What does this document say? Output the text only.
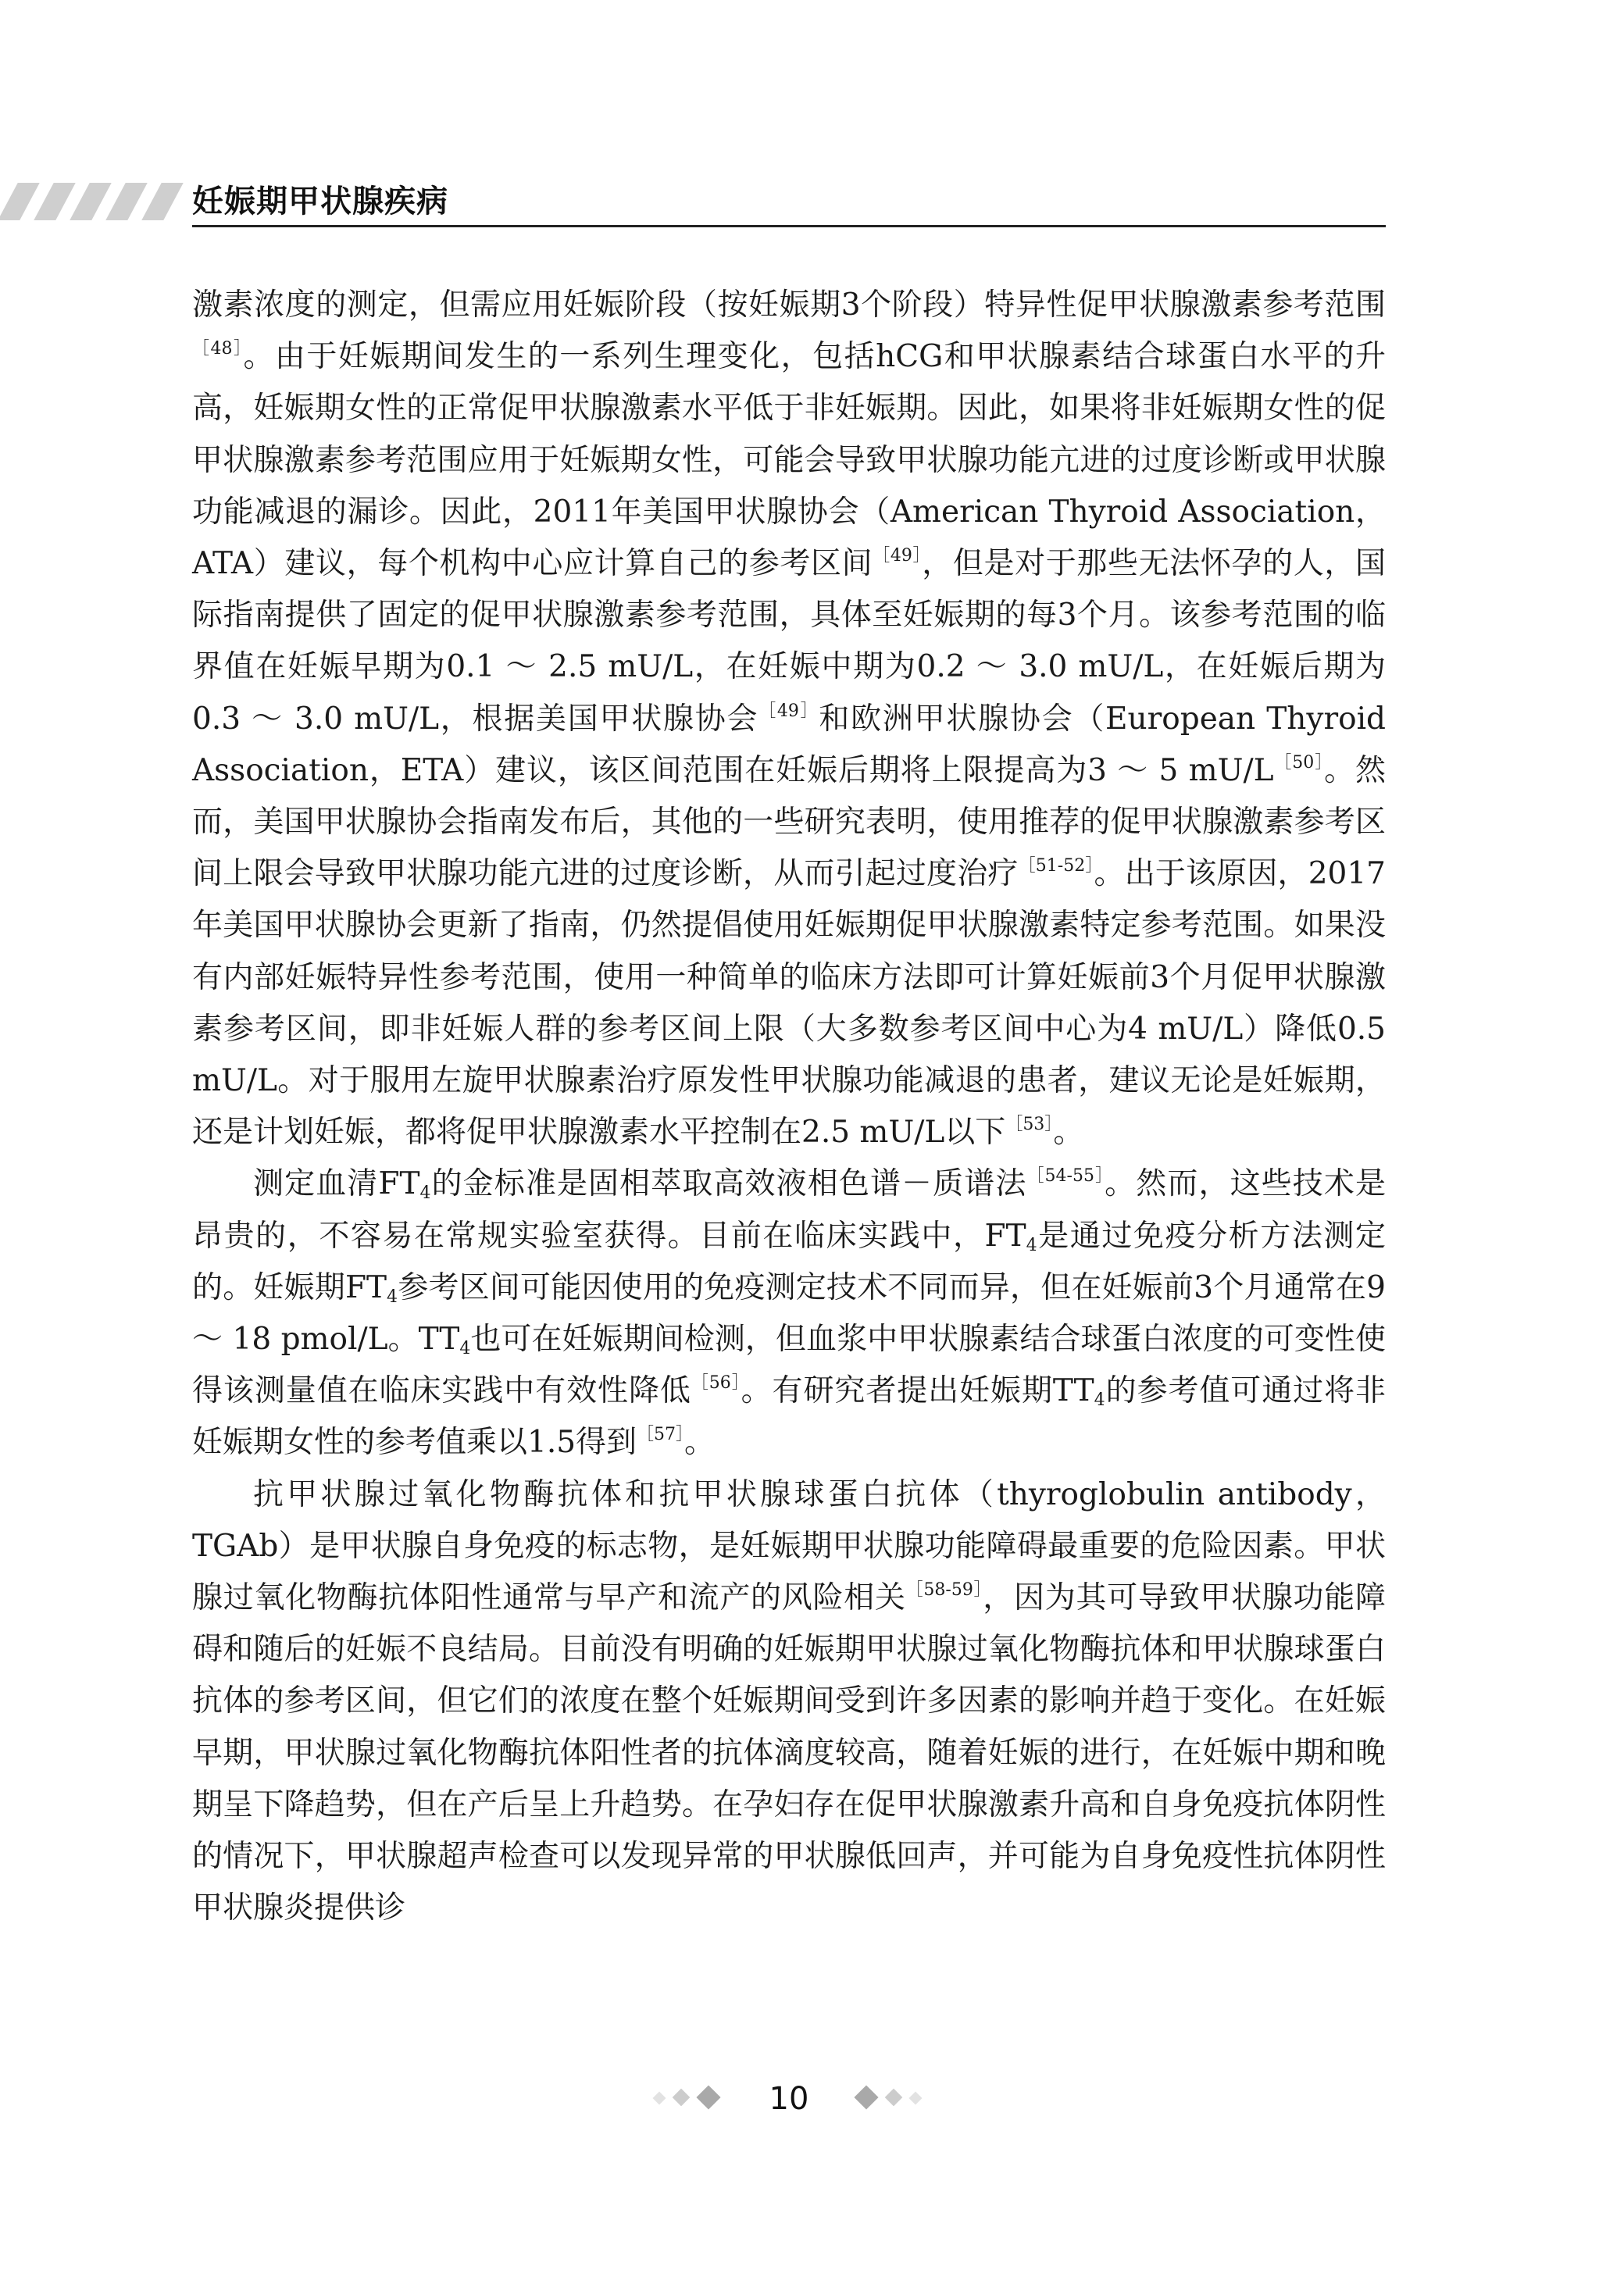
妊娠期甲状腺疾病

激素浓度的测定，但需应用妊娠阶段（按妊娠期3个阶段）特异性促甲状腺激素参考范围$^{[48]}$。由于妊娠期间发生的一系列生理变化，包括hCG和甲状腺素结合球蛋白水平的升高，妊娠期女性的正常促甲状腺激素水平低于非妊娠期。因此，如果将非妊娠期女性的促甲状腺激素参考范围应用于妊娠期女性，可能会导致甲状腺功能亢进的过度诊断或甲状腺功能减退的漏诊。因此，2011年美国甲状腺协会（American Thyroid Association，ATA）建议，每个机构中心应计算自己的参考区间$^{[49]}$，但是对于那些无法怀孕的人，国际指南提供了固定的促甲状腺激素参考范围，具体至妊娠期的每3个月。该参考范围的临界值在妊娠早期为0.1 ～ 2.5 mU/L，在妊娠中期为0.2 ～ 3.0 mU/L，在妊娠后期为0.3 ～ 3.0 mU/L，根据美国甲状腺协会$^{[49]}$和欧洲甲状腺协会（European Thyroid Association，ETA）建议，该区间范围在妊娠后期将上限提高为3 ～ 5 mU/L$^{[50]}$。然而，美国甲状腺协会指南发布后，其他的一些研究表明，使用推荐的促甲状腺激素参考区间上限会导致甲状腺功能亢进的过度诊断，从而引起过度治疗$^{[51-52]}$。出于该原因，2017年美国甲状腺协会更新了指南，仍然提倡使用妊娠期促甲状腺激素特定参考范围。如果没有内部妊娠特异性参考范围，使用一种简单的临床方法即可计算妊娠前3个月促甲状腺激素参考区间，即非妊娠人群的参考区间上限（大多数参考区间中心为4 mU/L）降低0.5 mU/L。对于服用左旋甲状腺素治疗原发性甲状腺功能减退的患者，建议无论是妊娠期，还是计划妊娠，都将促甲状腺激素水平控制在2.5 mU/L以下$^{[53]}$。

测定血清$FT_4$的金标准是固相萃取高效液相色谱－质谱法$^{[54-55]}$。然而，这些技术是昂贵的，不容易在常规实验室获得。目前在临床实践中，$FT_4$是通过免疫分析方法测定的。妊娠期$FT_4$参考区间可能因使用的免疫测定技术不同而异，但在妊娠前3个月通常在9 ～ 18 pmol/L。$TT_4$也可在妊娠期间检测，但血浆中甲状腺素结合球蛋白浓度的可变性使得该测量值在临床实践中有效性降低$^{[56]}$。有研究者提出妊娠期$TT_4$的参考值可通过将非妊娠期女性的参考值乘以1.5得到$^{[57]}$。

抗甲状腺过氧化物酶抗体和抗甲状腺球蛋白抗体（thyroglobulin antibody，TGAb）是甲状腺自身免疫的标志物，是妊娠期甲状腺功能障碍最重要的危险因素。甲状腺过氧化物酶抗体阳性通常与早产和流产的风险相关$^{[58-59]}$，因为其可导致甲状腺功能障碍和随后的妊娠不良结局。目前没有明确的妊娠期甲状腺过氧化物酶抗体和甲状腺球蛋白抗体的参考区间，但它们的浓度在整个妊娠期间受到许多因素的影响并趋于变化。在妊娠早期，甲状腺过氧化物酶抗体阳性者的抗体滴度较高，随着妊娠的进行，在妊娠中期和晚期呈下降趋势，但在产后呈上升趋势。在孕妇存在促甲状腺激素升高和自身免疫抗体阴性的情况下，甲状腺超声检查可以发现异常的甲状腺低回声，并可能为自身免疫性抗体阴性甲状腺炎提供诊

10
